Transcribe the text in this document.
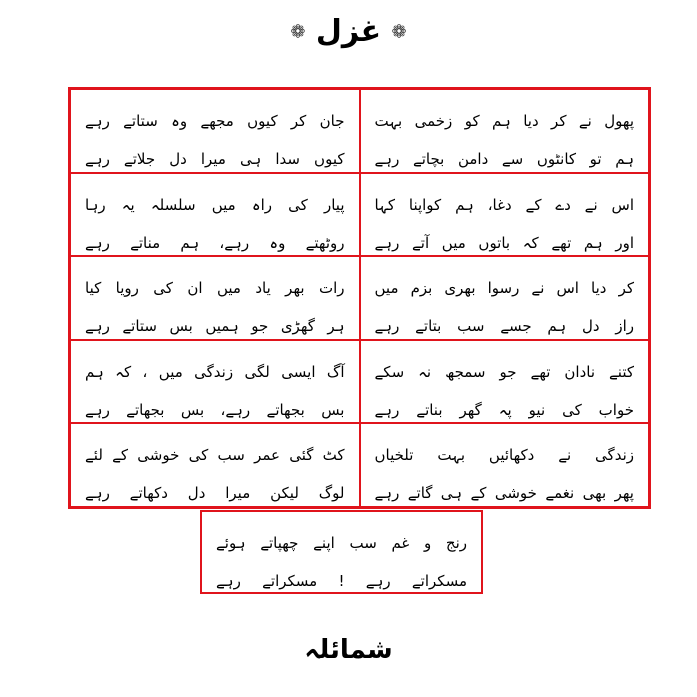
❁ غزل ❁
جان کر کیوں مجھے وہ ستاتے رہے
کیوں سدا ہی میرا دل جلاتے رہے
پھول نے کر دیا ہم کو زخمی بہت
ہم تو کانٹوں سے دامن بچاتے رہے
پیار کی راہ میں سلسلہ یہ رہا
روٹھتے وہ رہے، ہم مناتے رہے
اس نے دے کے دغا، ہم کواپنا کہا
اور ہم تھے کہ باتوں میں آتے رہے
رات بھر یاد میں ان کی رویا کیا
ہر گھڑی جو ہمیں بس ستاتے رہے
کر دیا اس نے رسوا بھری بزم میں
راز دل ہم جسے سب بتاتے رہے
آگ ایسی لگی زندگی میں ، کہ ہم
بس بجھاتے رہے، بس بجھاتے رہے
کتنے نادان تھے جو سمجھ نہ سکے
خواب کی نیو پہ گھر بناتے رہے
کٹ گئی عمر سب کی خوشی کے لئے
لوگ لیکن میرا دل دکھاتے رہے
زندگی نے دکھائیں بہت تلخیاں
پھر بھی نغمے خوشی کے ہی گاتے رہے
رنج و غم سب اپنے چھپاتے ہوئے
مسکراتے رہے ! مسکراتے رہے
شمائلہ
